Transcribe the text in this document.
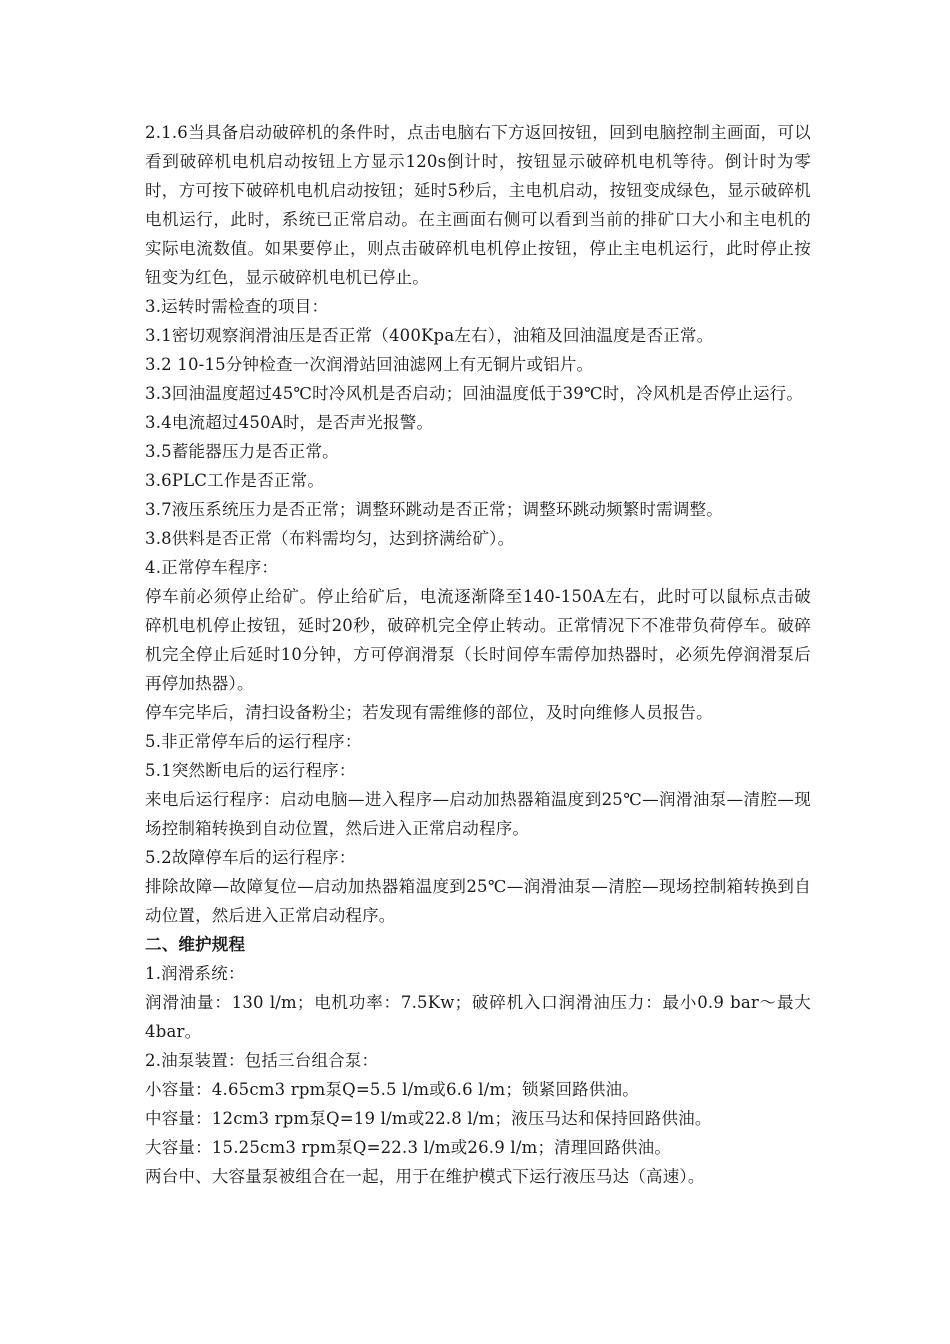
2.1.6当具备启动破碎机的条件时，点击电脑右下方返回按钮，回到电脑控制主画面，可以看到破碎机电机启动按钮上方显示120s倒计时，按钮显示破碎机电机等待。倒计时为零时，方可按下破碎机电机启动按钮；延时5秒后，主电机启动，按钮变成绿色，显示破碎机电机运行，此时，系统已正常启动。在主画面右侧可以看到当前的排矿口大小和主电机的实际电流数值。如果要停止，则点击破碎机电机停止按钮，停止主电机运行，此时停止按钮变为红色，显示破碎机电机已停止。

3.运转时需检查的项目：

3.1密切观察润滑油压是否正常（400Kpa左右），油箱及回油温度是否正常。

3.2 10-15分钟检查一次润滑站回油滤网上有无铜片或铝片。

3.3回油温度超过45℃时冷风机是否启动；回油温度低于39℃时，冷风机是否停止运行。

3.4电流超过450A时，是否声光报警。

3.5蓄能器压力是否正常。

3.6PLC工作是否正常。

3.7液压系统压力是否正常；调整环跳动是否正常；调整环跳动频繁时需调整。

3.8供料是否正常（布料需均匀，达到挤满给矿）。

4.正常停车程序：

停车前必须停止给矿。停止给矿后，电流逐渐降至140-150A左右，此时可以鼠标点击破碎机电机停止按钮，延时20秒，破碎机完全停止转动。正常情况下不准带负荷停车。破碎机完全停止后延时10分钟，方可停润滑泵（长时间停车需停加热器时，必须先停润滑泵后再停加热器）。

停车完毕后，清扫设备粉尘；若发现有需维修的部位，及时向维修人员报告。

5.非正常停车后的运行程序：

5.1突然断电后的运行程序：

来电后运行程序：启动电脑—进入程序—启动加热器箱温度到25℃—润滑油泵—清腔—现场控制箱转换到自动位置，然后进入正常启动程序。

5.2故障停车后的运行程序：

排除故障—故障复位—启动加热器箱温度到25℃—润滑油泵—清腔—现场控制箱转换到自动位置，然后进入正常启动程序。

二、维护规程

1.润滑系统：

润滑油量：130 l/m；电机功率：7.5Kw；破碎机入口润滑油压力：最小0.9 bar～最大4bar。

2.油泵装置：包括三台组合泵：

小容量：4.65cm3 rpm泵Q=5.5 l/m或6.6 l/m；锁紧回路供油。

中容量：12cm3 rpm泵Q=19 l/m或22.8 l/m；液压马达和保持回路供油。

大容量：15.25cm3 rpm泵Q=22.3 l/m或26.9 l/m；清理回路供油。

两台中、大容量泵被组合在一起，用于在维护模式下运行液压马达（高速）。
